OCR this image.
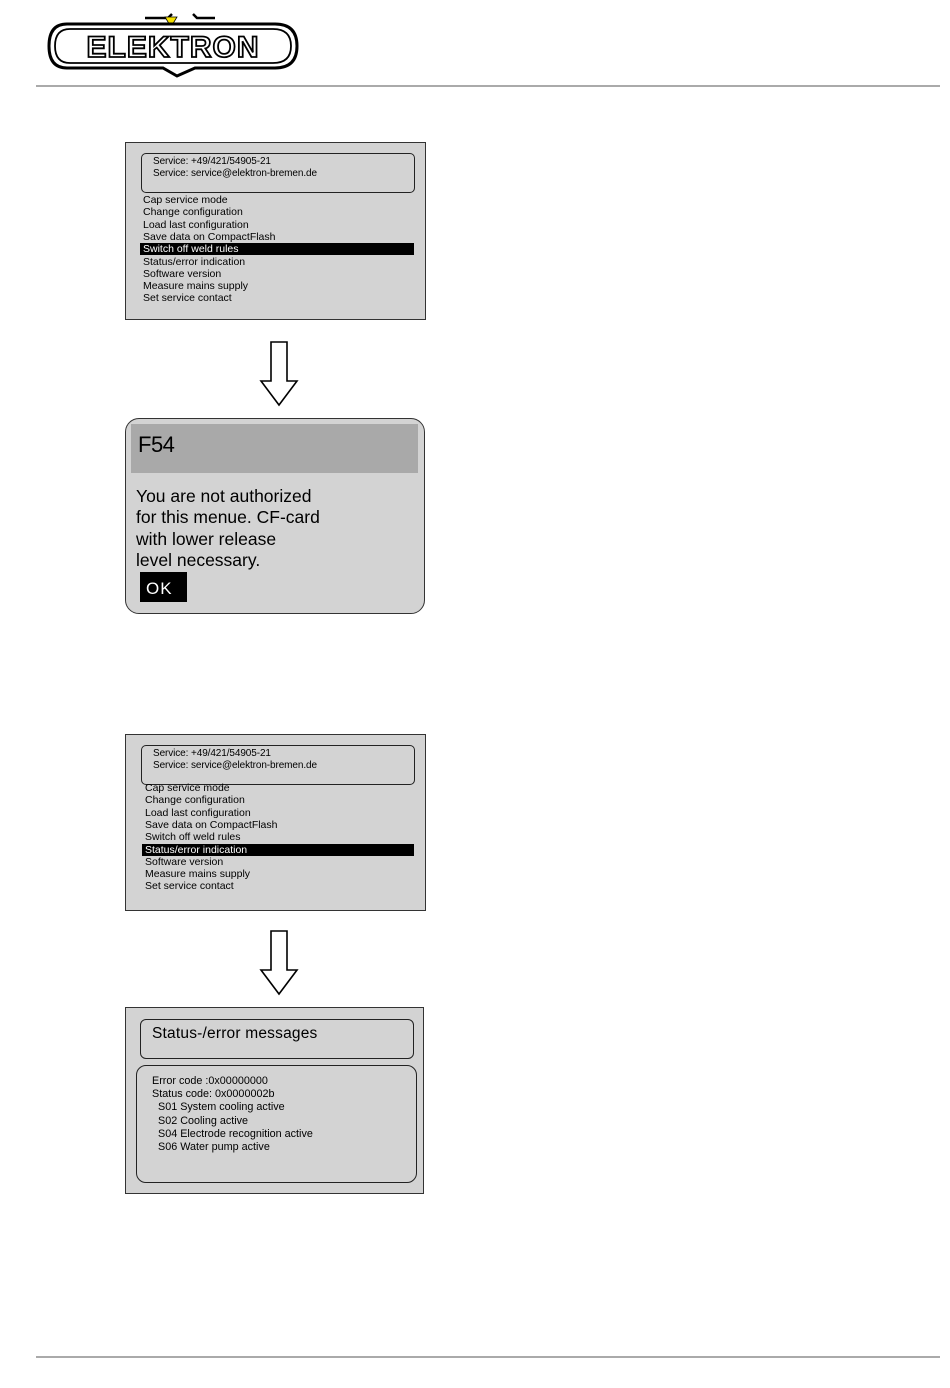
ELEKTRON
Service: +49/421/54905-21
Service: service@elektron-bremen.de
Cap service mode
Change configuration
Load last configuration
Save data on CompactFlash
Switch off weld rules
Status/error indication
Software version
Measure mains supply
Set service contact
F54
You are not authorized
for this menue. CF-card
with lower release
level necessary.
OK
Service: +49/421/54905-21
Service: service@elektron-bremen.de
Cap service mode
Change configuration
Load last configuration
Save data on CompactFlash
Switch off weld rules
Status/error indication
Software version
Measure mains supply
Set service contact
Status-/error messages
Error code :0x00000000
Status code: 0x0000002b
S01 System cooling active
S02 Cooling active
S04 Electrode recognition active
S06 Water pump active
